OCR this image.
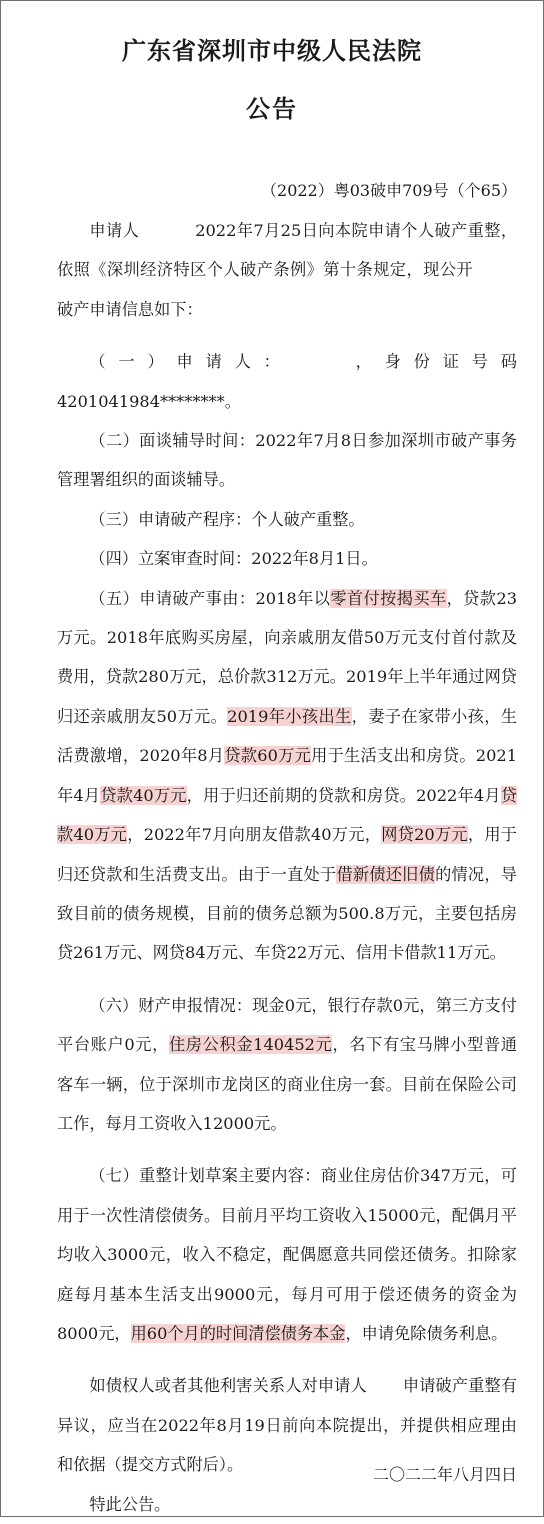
广东省深圳市中级人民法院
公告
（2022）粤03破申709号（个65）

申请人	2022年7月25日向本院申请个人破产重整，依照《深圳经济特区个人破产条例》第十条规定，现公开破产申请信息如下：

（一）申请人：	，身份证号码4201041984********。

（二）面谈辅导时间：2022年7月8日参加深圳市破产事务管理署组织的面谈辅导。

（三）申请破产程序：个人破产重整。

（四）立案审查时间：2022年8月1日。

（五）申请破产事由：2018年以零首付按揭买车，贷款23万元。2018年底购买房屋，向亲戚朋友借50万元支付首付款及费用，贷款280万元，总价款312万元。2019年上半年通过网贷归还亲戚朋友50万元。2019年小孩出生，妻子在家带小孩，生活费激增，2020年8月贷款60万元用于生活支出和房贷。2021年4月贷款40万元，用于归还前期的贷款和房贷。2022年4月贷款40万元，2022年7月向朋友借款40万元，网贷20万元，用于归还贷款和生活费支出。由于一直处于借新债还旧债的情况，导致目前的债务规模，目前的债务总额为500.8万元，主要包括房贷261万元、网贷84万元、车贷22万元、信用卡借款11万元。

（六）财产申报情况：现金0元，银行存款0元，第三方支付平台账户0元，住房公积金140452元，名下有宝马牌小型普通客车一辆，位于深圳市龙岗区的商业住房一套。目前在保险公司工作，每月工资收入12000元。

（七）重整计划草案主要内容：商业住房估价347万元，可用于一次性清偿债务。目前月平均工资收入15000元，配偶月平均收入3000元，收入不稳定，配偶愿意共同偿还债务。扣除家庭每月基本生活支出9000元，每月可用于偿还债务的资金为8000元，用60个月的时间清偿债务本金，申请免除债务利息。

如债权人或者其他利害关系人对申请人 申请破产重整有异议，应当在2022年8月19日前向本院提出，并提供相应理由和依据（提交方式附后）。

特此公告。

二〇二二年八月四日
